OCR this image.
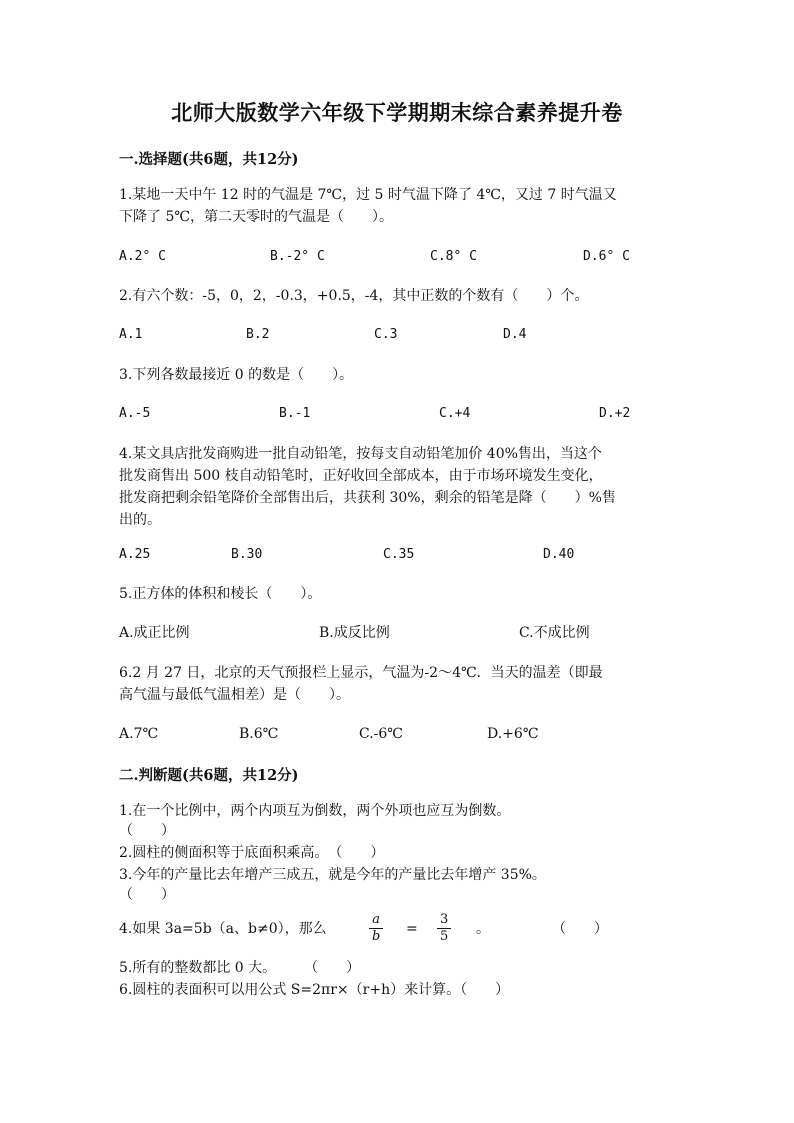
北师大版数学六年级下学期期末综合素养提升卷
一.选择题(共6题，共12分)
1.某地一天中午 12 时的气温是 7℃，过 5 时气温下降了 4℃，又过 7 时气温又
下降了 5℃，第二天零时的气温是（　　）。
A.2° C	B.-2° C	C.8° C	D.6° C
2.有六个数：-5，0，2，-0.3，+0.5，-4，其中正数的个数有（　　）个。
A.1	B.2	C.3	D.4
3.下列各数最接近 0 的数是（　　）。
A.-5	B.-1	C.+4	D.+2
4.某文具店批发商购进一批自动铅笔，按每支自动铅笔加价 40%售出，当这个
批发商售出 500 枝自动铅笔时，正好收回全部成本，由于市场环境发生变化，
批发商把剩余铅笔降价全部售出后，共获利 30%，剩余的铅笔是降（　　）%售
出的。
A.25	B.30	C.35	D.40
5.正方体的体积和棱长（　　）。
A.成正比例	B.成反比例	C.不成比例
6.2 月 27 日，北京的天气预报栏上显示，气温为-2～4℃．当天的温差（即最
高气温与最低气温相差）是（　　）。
A.7℃	B.6℃	C.-6℃	D.+6℃
二.判断题(共6题，共12分)
1.在一个比例中，两个内项互为倒数，两个外项也应互为倒数。
（　　）
2.圆柱的侧面积等于底面积乘高。　（　　）
3.今年的产量比去年增产三成五，就是今年的产量比去年增产 35%。
（　　）
4.如果 3a=5b（a、b≠0），那么	$\frac{a}{b} = \frac{3}{5}$ 。	（　　）
5.所有的整数都比 0 大。　　　（　　）
6.圆柱的表面积可以用公式 S=2πr×（r+h）来计算。（　　）
